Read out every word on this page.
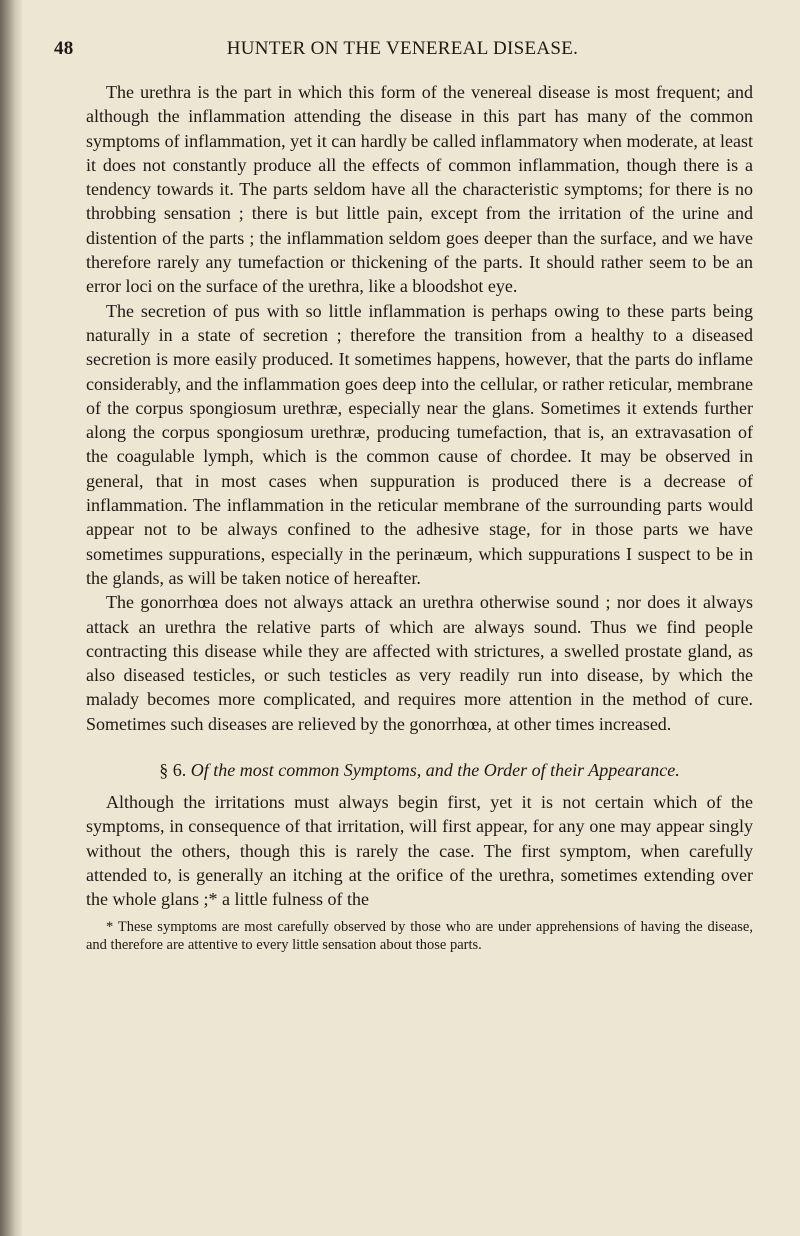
48	HUNTER ON THE VENEREAL DISEASE.

The urethra is the part in which this form of the venereal disease is most frequent; and although the inflammation attending the disease in this part has many of the common symptoms of inflammation, yet it can hardly be called inflammatory when moderate, at least it does not constantly produce all the effects of common inflammation, though there is a tendency towards it. The parts seldom have all the characteristic symptoms; for there is no throbbing sensation ; there is but little pain, except from the irritation of the urine and distention of the parts ; the inflammation seldom goes deeper than the surface, and we have therefore rarely any tumefaction or thickening of the parts. It should rather seem to be an error loci on the surface of the urethra, like a bloodshot eye.

The secretion of pus with so little inflammation is perhaps owing to these parts being naturally in a state of secretion ; therefore the transition from a healthy to a diseased secretion is more easily produced. It sometimes happens, however, that the parts do inflame considerably, and the inflammation goes deep into the cellular, or rather reticular, membrane of the corpus spongiosum urethræ, especially near the glans. Sometimes it extends further along the corpus spongiosum urethræ, producing tumefaction, that is, an extravasation of the coagulable lymph, which is the common cause of chordee. It may be observed in general, that in most cases when suppuration is produced there is a decrease of inflammation. The inflammation in the reticular membrane of the surrounding parts would appear not to be always confined to the adhesive stage, for in those parts we have sometimes suppurations, especially in the perinæum, which suppurations I suspect to be in the glands, as will be taken notice of hereafter.

The gonorrhœa does not always attack an urethra otherwise sound ; nor does it always attack an urethra the relative parts of which are always sound. Thus we find people contracting this disease while they are affected with strictures, a swelled prostate gland, as also diseased testicles, or such testicles as very readily run into disease, by which the malady becomes more complicated, and requires more attention in the method of cure. Sometimes such diseases are relieved by the gonorrhœa, at other times increased.

§ 6. Of the most common Symptoms, and the Order of their Appearance.

Although the irritations must always begin first, yet it is not certain which of the symptoms, in consequence of that irritation, will first appear, for any one may appear singly without the others, though this is rarely the case. The first symptom, when carefully attended to, is generally an itching at the orifice of the urethra, sometimes extending over the whole glans ;* a little fulness of the

* These symptoms are most carefully observed by those who are under apprehensions of having the disease, and therefore are attentive to every little sensation about those parts.
